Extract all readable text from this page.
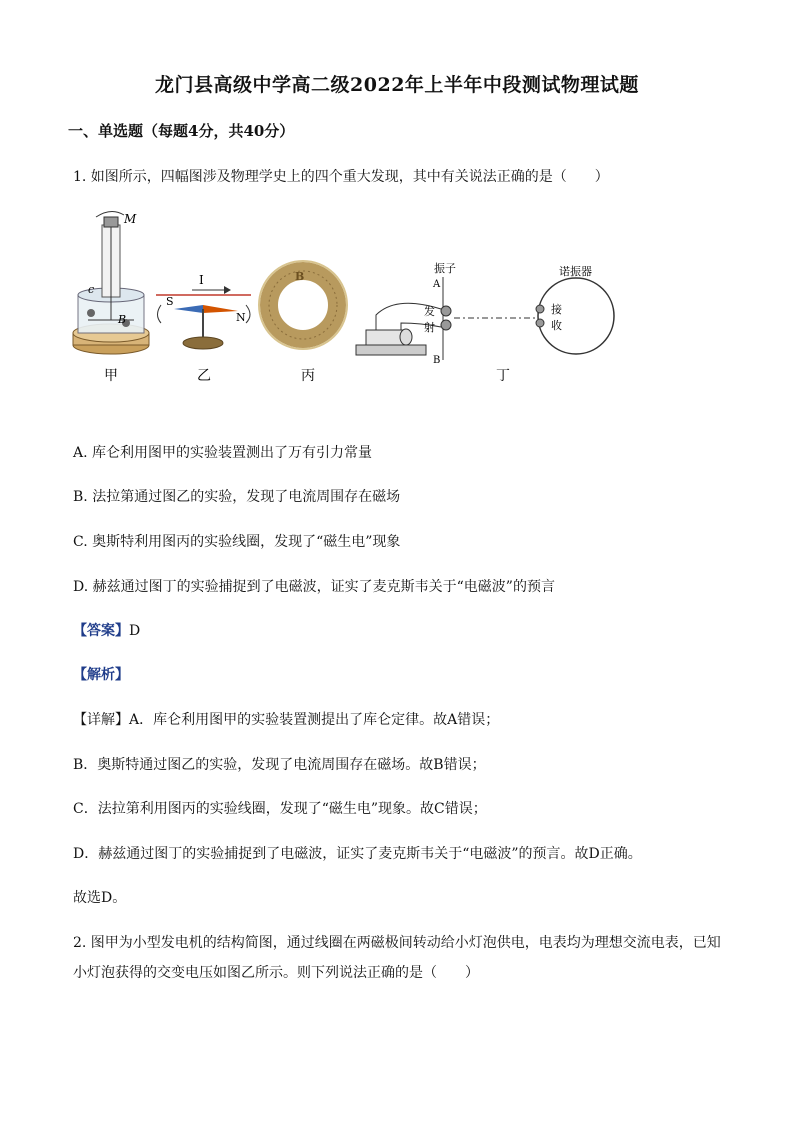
龙门县高级中学高二级2022年上半年中段测试物理试题
一、单选题（每题4分，共40分）
1. 如图所示，四幅图涉及物理学史上的四个重大发现，其中有关说法正确的是（　　）
M
c
B
甲
I
S
N
乙
B
丙
振子
A
B
发
射
诺振器
接
收
丁
A. 库仑利用图甲的实验装置测出了万有引力常量
B. 法拉第通过图乙的实验，发现了电流周围存在磁场
C. 奥斯特利用图丙的实验线圈，发现了“磁生电”现象
D. 赫兹通过图丁的实验捕捉到了电磁波，证实了麦克斯韦关于“电磁波”的预言
【答案】D
【解析】
【详解】A．库仑利用图甲的实验装置测提出了库仑定律。故A错误；
B．奥斯特通过图乙的实验，发现了电流周围存在磁场。故B错误；
C．法拉第利用图丙的实验线圈，发现了“磁生电”现象。故C错误；
D．赫兹通过图丁的实验捕捉到了电磁波，证实了麦克斯韦关于“电磁波”的预言。故D正确。
故选D。
2. 图甲为小型发电机的结构简图，通过线圈在两磁极间转动给小灯泡供电，电表均为理想交流电表，已知
小灯泡获得的交变电压如图乙所示。则下列说法正确的是（　　）
